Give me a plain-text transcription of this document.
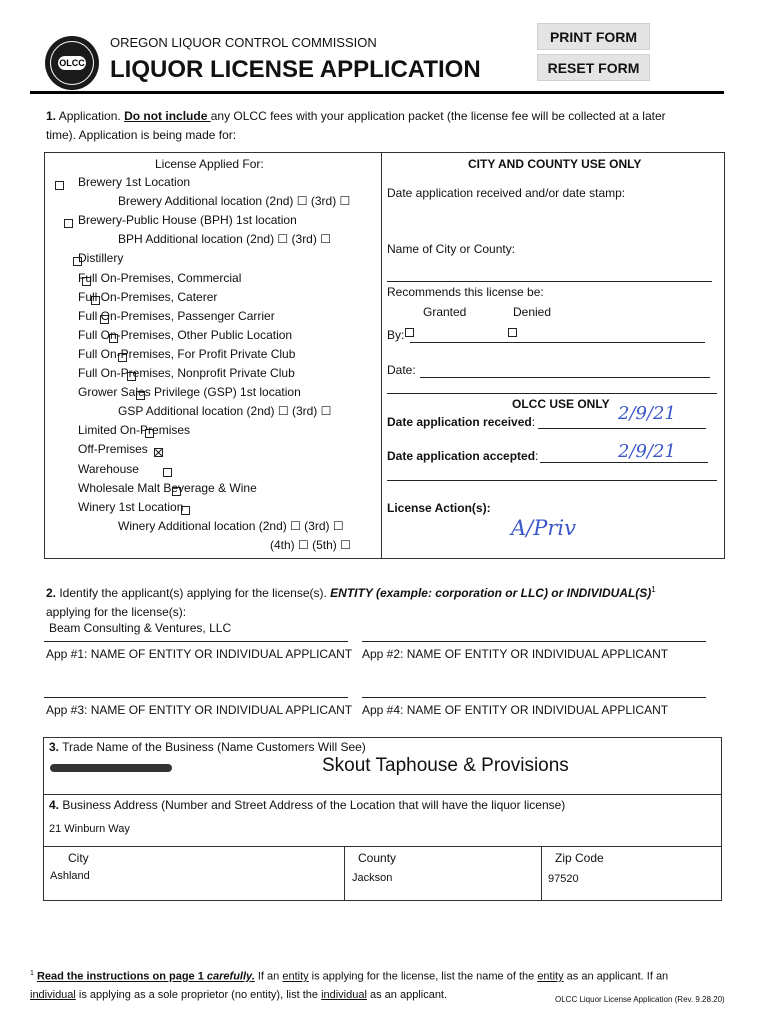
OLCC
OREGON LIQUOR CONTROL COMMISSION
LIQUOR LICENSE APPLICATION
PRINT FORM
RESET FORM
1. Application. Do not include any OLCC fees with your application packet (the license fee will be collected at a later
time). Application is being made for:
License Applied For:
Brewery 1st Location
Brewery Additional location (2nd) ☐ (3rd) ☐
Brewery-Public House (BPH) 1st location
BPH Additional location (2nd) ☐ (3rd) ☐
Distillery
Full On-Premises, Commercial
Full On-Premises, Caterer
Full On-Premises, Passenger Carrier
Full On-Premises, Other Public Location
Full On-Premises, For Profit Private Club
Full On-Premises, Nonprofit Private Club
Grower Sales Privilege (GSP) 1st location
GSP Additional location (2nd) ☐ (3rd) ☐
Limited On-Premises
Off-Premises
Warehouse
Wholesale Malt Beverage & Wine
Winery 1st Location
Winery Additional location (2nd) ☐ (3rd) ☐
(4th) ☐ (5th) ☐
CITY AND COUNTY USE ONLY
Date application received and/or date stamp:
Name of City or County:
Recommends this license be:

Granted	Denied
By:
Date:
OLCC USE ONLY
Date application received:	2/9/21
Date application accepted:	2/9/21
License Action(s):
A/Priv
2. Identify the applicant(s) applying for the license(s). ENTITY (example: corporation or LLC) or $INDIVIDUAL(S)^1$
applying for the license(s):
Beam Consulting & Ventures, LLC
App #1: NAME OF ENTITY OR INDIVIDUAL APPLICANT App #2: NAME OF ENTITY OR INDIVIDUAL APPLICANT
App #3: NAME OF ENTITY OR INDIVIDUAL APPLICANT App #4: NAME OF ENTITY OR INDIVIDUAL APPLICANT
3. Trade Name of the Business (Name Customers Will See)
Skout Taphouse & Provisions
4. Business Address (Number and Street Address of the Location that will have the liquor license)
21 Winburn Way
City
Ashland
County
Jackson
Zip Code
97520
$^1$ Read the instructions on page 1 carefully. If an entity is applying for the license, list the name of the entity as an applicant. If an
individual is applying as a sole proprietor (no entity), list the individual as an applicant.	OLCC Liquor License Application (Rev. 9.28.20)
